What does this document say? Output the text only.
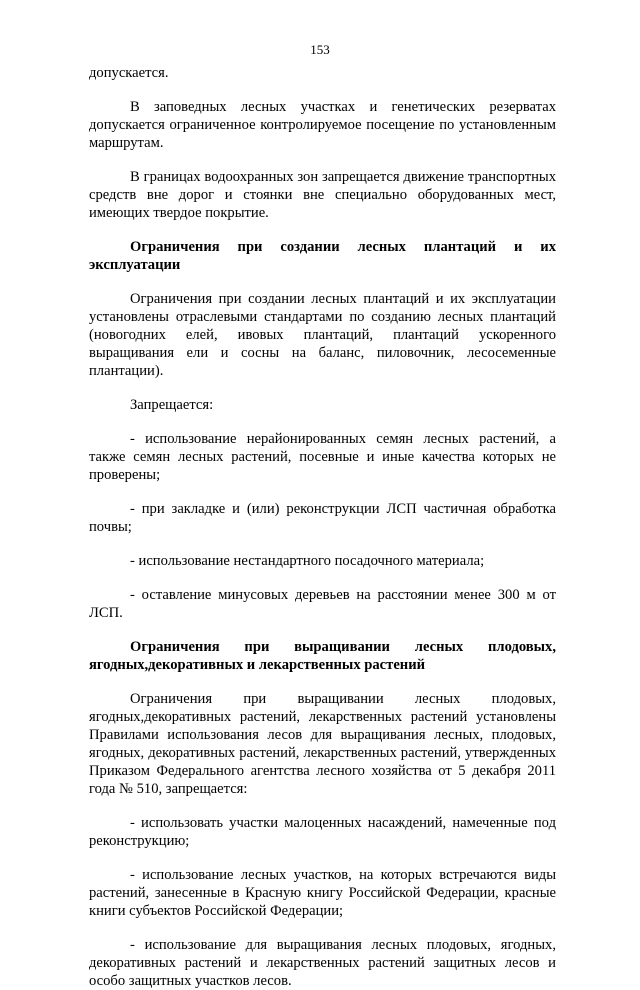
153

допускается.

В заповедных лесных участках и генетических резерватах допускается ограниченное контролируемое посещение по установленным маршрутам.

В границах водоохранных зон запрещается движение транспортных средств вне дорог и стоянки вне специально оборудованных мест, имеющих твердое покрытие.

Ограничения при создании лесных плантаций и их эксплуатации

Ограничения при создании лесных плантаций и их эксплуатации установлены отраслевыми стандартами по созданию лесных плантаций (новогодних елей, ивовых плантаций, плантаций ускоренного выращивания ели и сосны на баланс, пиловочник, лесосеменные плантации).

Запрещается:

- использование нерайонированных семян лесных растений, а также семян лесных растений, посевные и иные качества которых не проверены;

- при закладке и (или) реконструкции ЛСП частичная обработка почвы;

- использование нестандартного посадочного материала;

- оставление минусовых деревьев на расстоянии менее 300 м от ЛСП.

Ограничения при выращивании лесных плодовых, ягодных,декоративных и лекарственных растений

Ограничения при выращивании лесных плодовых, ягодных,декоративных растений, лекарственных растений установлены Правилами использования лесов для выращивания лесных, плодовых, ягодных, декоративных растений, лекарственных растений, утвержденных Приказом Федерального агентства лесного хозяйства от 5 декабря 2011 года № 510, запрещается:

- использовать участки малоценных насаждений, намеченные под реконструкцию;

- использование лесных участков, на которых встречаются виды растений, занесенные в Красную книгу Российской Федерации, красные книги субъектов Российской Федерации;

- использование для выращивания лесных плодовых, ягодных, декоративных растений и лекарственных растений защитных лесов и особо защитных участков лесов.
